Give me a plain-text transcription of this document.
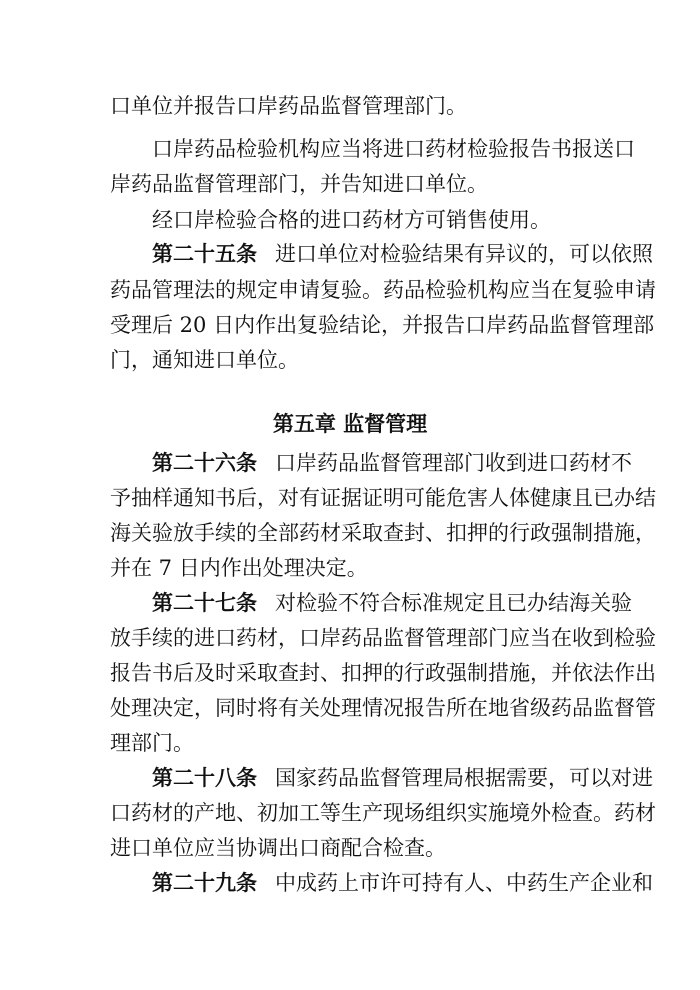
口单位并报告口岸药品监督管理部门。
口岸药品检验机构应当将进口药材检验报告书报送口
岸药品监督管理部门，并告知进口单位。
经口岸检验合格的进口药材方可销售使用。
第二十五条 进口单位对检验结果有异议的，可以依照
药品管理法的规定申请复验。药品检验机构应当在复验申请
受理后 20 日内作出复验结论，并报告口岸药品监督管理部
门，通知进口单位。
第五章 监督管理
第二十六条 口岸药品监督管理部门收到进口药材不
予抽样通知书后，对有证据证明可能危害人体健康且已办结
海关验放手续的全部药材采取查封、扣押的行政强制措施，
并在 7 日内作出处理决定。
第二十七条 对检验不符合标准规定且已办结海关验
放手续的进口药材，口岸药品监督管理部门应当在收到检验
报告书后及时采取查封、扣押的行政强制措施，并依法作出
处理决定，同时将有关处理情况报告所在地省级药品监督管
理部门。
第二十八条 国家药品监督管理局根据需要，可以对进
口药材的产地、初加工等生产现场组织实施境外检查。药材
进口单位应当协调出口商配合检查。
第二十九条 中成药上市许可持有人、中药生产企业和
